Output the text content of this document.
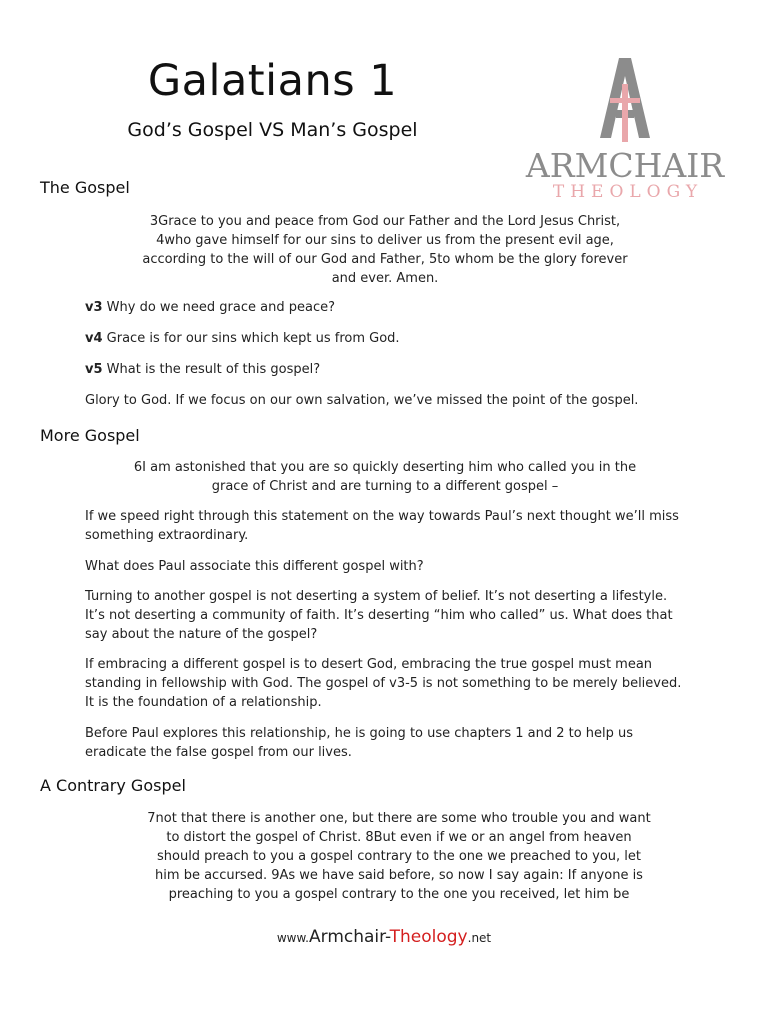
Galatians 1
God’s Gospel VS Man’s Gospel
ARMCHAIR
THEOLOGY
The Gospel
3Grace to you and peace from God our Father and the Lord Jesus Christ,
4who gave himself for our sins to deliver us from the present evil age,
according to the will of our God and Father, 5to whom be the glory forever
and ever. Amen.
v3 Why do we need grace and peace?
v4 Grace is for our sins which kept us from God.
v5 What is the result of this gospel?
Glory to God. If we focus on our own salvation, we’ve missed the point of the gospel.
More Gospel
6I am astonished that you are so quickly deserting him who called you in the
grace of Christ and are turning to a different gospel –
If we speed right through this statement on the way towards Paul’s next thought we’ll miss
something extraordinary.
What does Paul associate this different gospel with?
Turning to another gospel is not deserting a system of belief. It’s not deserting a lifestyle.
It’s not deserting a community of faith. It’s deserting “him who called” us. What does that
say about the nature of the gospel?
If embracing a different gospel is to desert God, embracing the true gospel must mean
standing in fellowship with God. The gospel of v3-5 is not something to be merely believed.
It is the foundation of a relationship.
Before Paul explores this relationship, he is going to use chapters 1 and 2 to help us
eradicate the false gospel from our lives.
A Contrary Gospel
7not that there is another one, but there are some who trouble you and want
to distort the gospel of Christ. 8But even if we or an angel from heaven
should preach to you a gospel contrary to the one we preached to you, let
him be accursed. 9As we have said before, so now I say again: If anyone is
preaching to you a gospel contrary to the one you received, let him be
www.Armchair-Theology.net
